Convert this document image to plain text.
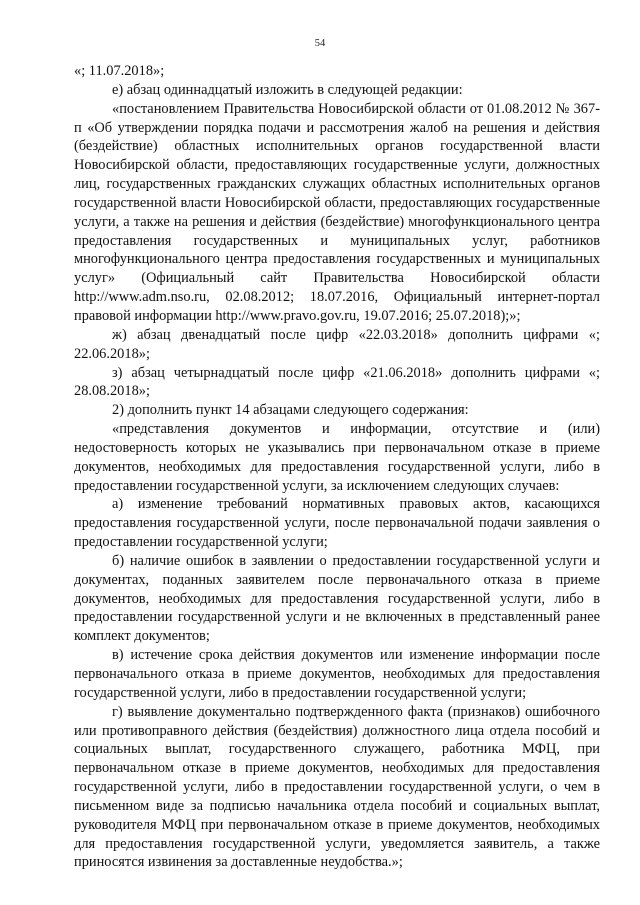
54

«; 11.07.2018»;

е) абзац одиннадцатый изложить в следующей редакции:

«постановлением Правительства Новосибирской области от 01.08.2012 № 367-п «Об утверждении порядка подачи и рассмотрения жалоб на решения и действия (бездействие) областных исполнительных органов государственной власти Новосибирской области, предоставляющих государственные услуги, должностных лиц, государственных гражданских служащих областных исполнительных органов государственной власти Новосибирской области, предоставляющих государственные услуги, а также на решения и действия (бездействие) многофункционального центра предоставления государственных и муниципальных услуг, работников многофункционального центра предоставления государственных и муниципальных услуг» (Официальный сайт Правительства Новосибирской области http://www.adm.nso.ru, 02.08.2012; 18.07.2016, Официальный интернет-портал правовой информации http://www.pravo.gov.ru, 19.07.2016; 25.07.2018);»;

ж) абзац двенадцатый после цифр «22.03.2018» дополнить цифрами «; 22.06.2018»;

з) абзац четырнадцатый после цифр «21.06.2018» дополнить цифрами «; 28.08.2018»;

2) дополнить пункт 14 абзацами следующего содержания:

«представления документов и информации, отсутствие и (или) недостоверность которых не указывались при первоначальном отказе в приеме документов, необходимых для предоставления государственной услуги, либо в предоставлении государственной услуги, за исключением следующих случаев:

а) изменение требований нормативных правовых актов, касающихся предоставления государственной услуги, после первоначальной подачи заявления о предоставлении государственной услуги;

б) наличие ошибок в заявлении о предоставлении государственной услуги и документах, поданных заявителем после первоначального отказа в приеме документов, необходимых для предоставления государственной услуги, либо в предоставлении государственной услуги и не включенных в представленный ранее комплект документов;

в) истечение срока действия документов или изменение информации после первоначального отказа в приеме документов, необходимых для предоставления государственной услуги, либо в предоставлении государственной услуги;

г) выявление документально подтвержденного факта (признаков) ошибочного или противоправного действия (бездействия) должностного лица отдела пособий и социальных выплат, государственного служащего, работника МФЦ, при первоначальном отказе в приеме документов, необходимых для предоставления государственной услуги, либо в предоставлении государственной услуги, о чем в письменном виде за подписью начальника отдела пособий и социальных выплат, руководителя МФЦ при первоначальном отказе в приеме документов, необходимых для предоставления государственной услуги, уведомляется заявитель, а также приносятся извинения за доставленные неудобства.»;
